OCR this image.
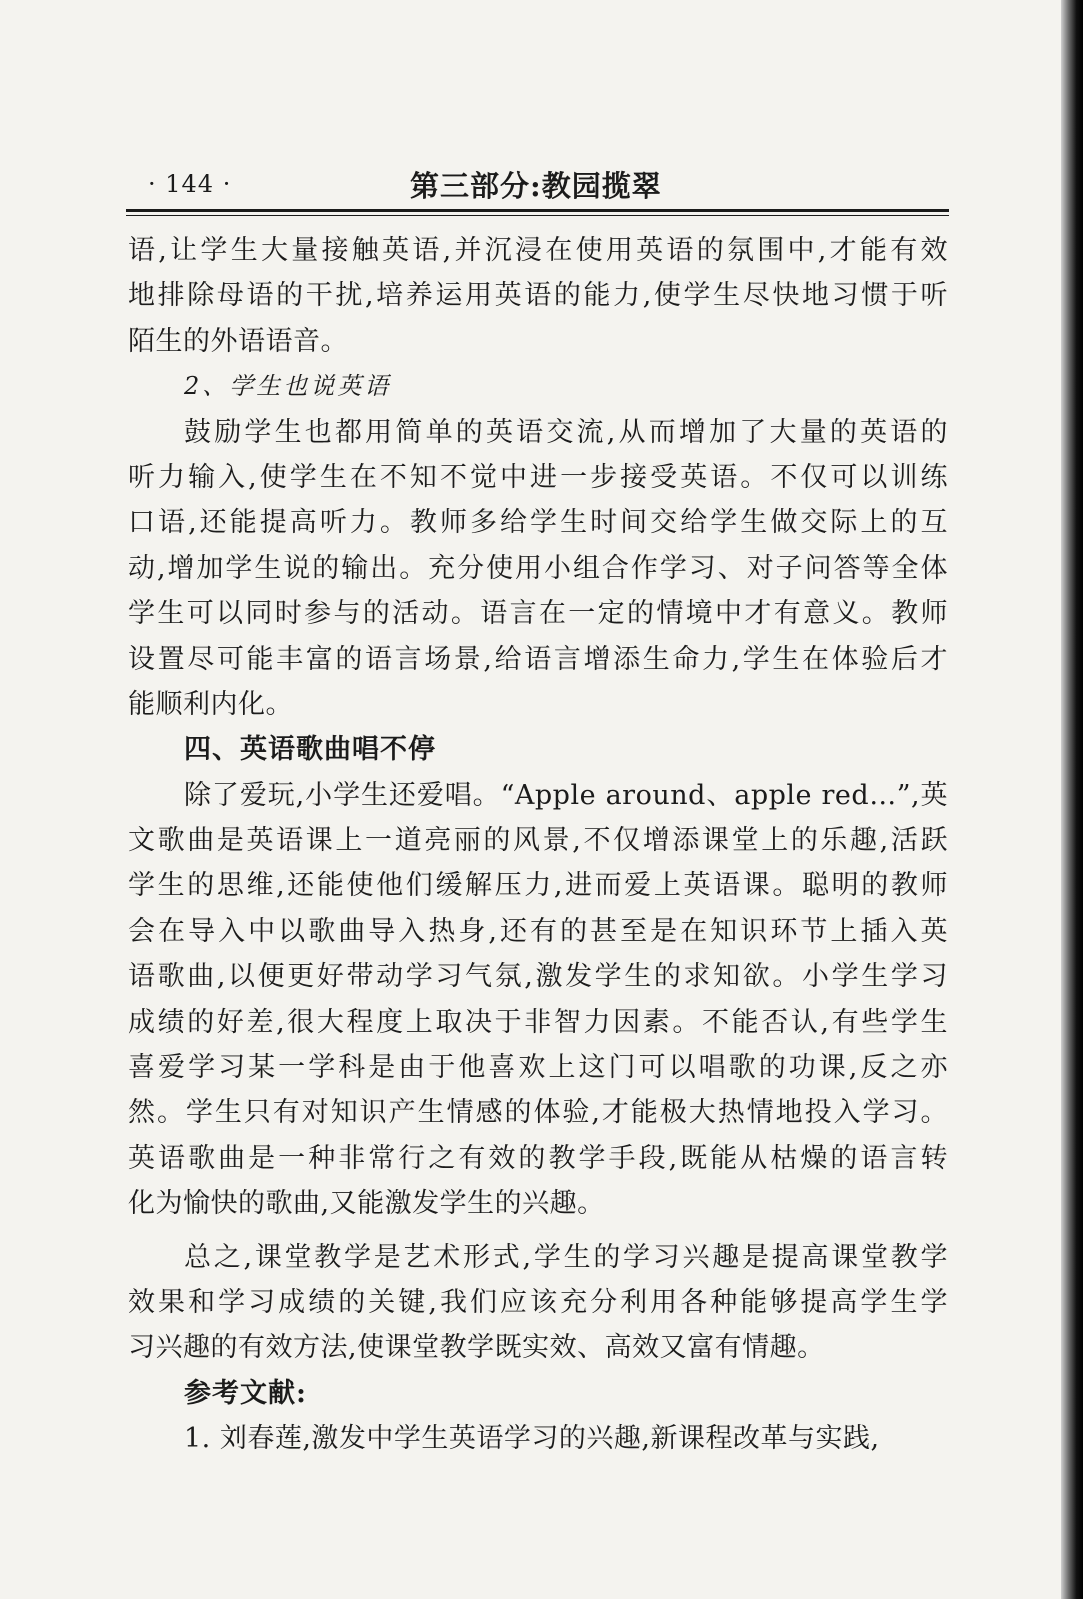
· 144 ·	第三部分:教园揽翠
语,让学生大量接触英语,并沉浸在使用英语的氛围中,才能有效
地排除母语的干扰,培养运用英语的能力,使学生尽快地习惯于听
陌生的外语语音。
2、学生也说英语
鼓励学生也都用简单的英语交流,从而增加了大量的英语的
听力输入,使学生在不知不觉中进一步接受英语。不仅可以训练
口语,还能提高听力。教师多给学生时间交给学生做交际上的互
动,增加学生说的输出。充分使用小组合作学习、对子问答等全体
学生可以同时参与的活动。语言在一定的情境中才有意义。教师
设置尽可能丰富的语言场景,给语言增添生命力,学生在体验后才
能顺利内化。
四、英语歌曲唱不停
除了爱玩,小学生还爱唱。“Apple around、apple red…”,英
文歌曲是英语课上一道亮丽的风景,不仅增添课堂上的乐趣,活跃
学生的思维,还能使他们缓解压力,进而爱上英语课。聪明的教师
会在导入中以歌曲导入热身,还有的甚至是在知识环节上插入英
语歌曲,以便更好带动学习气氛,激发学生的求知欲。小学生学习
成绩的好差,很大程度上取决于非智力因素。不能否认,有些学生
喜爱学习某一学科是由于他喜欢上这门可以唱歌的功课,反之亦
然。学生只有对知识产生情感的体验,才能极大热情地投入学习。
英语歌曲是一种非常行之有效的教学手段,既能从枯燥的语言转
化为愉快的歌曲,又能激发学生的兴趣。
总之,课堂教学是艺术形式,学生的学习兴趣是提高课堂教学
效果和学习成绩的关键,我们应该充分利用各种能够提高学生学
习兴趣的有效方法,使课堂教学既实效、高效又富有情趣。
参考文献:
1. 刘春莲,激发中学生英语学习的兴趣,新课程改革与实践,
